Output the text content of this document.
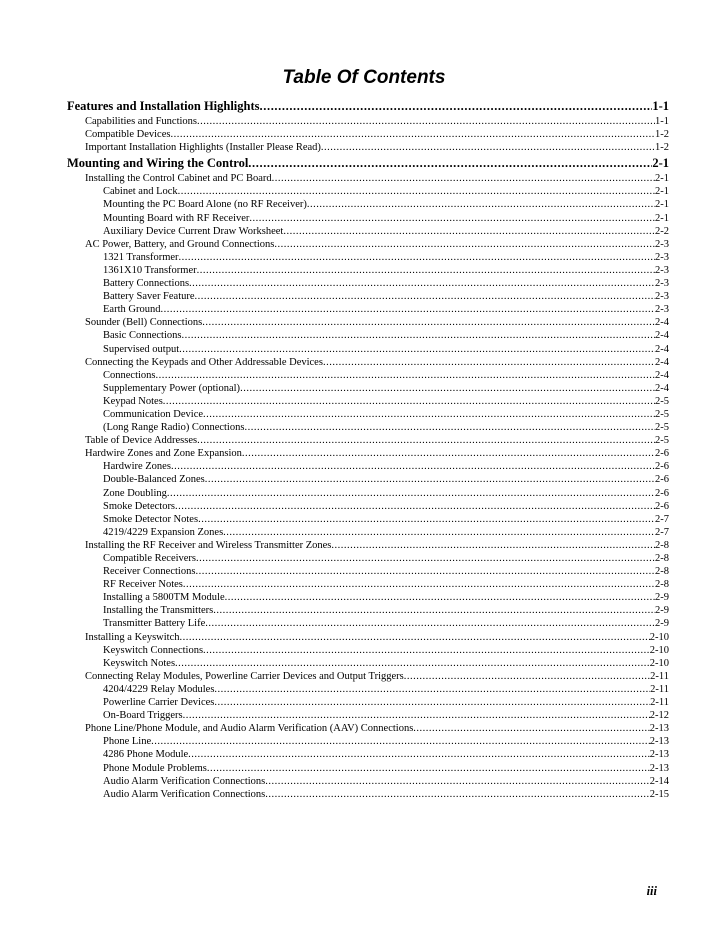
Table Of Contents
Features and Installation Highlights .....	1-1
Capabilities and Functions .....	1-1
Compatible Devices .....	1-2
Important Installation Highlights (Installer Please Read) .....	1-2
Mounting and Wiring the Control .....	2-1
Installing the Control Cabinet and PC Board .....	2-1
Cabinet and Lock .....	2-1
Mounting the PC Board Alone (no RF Receiver) .....	2-1
Mounting Board with RF Receiver .....	2-1
Auxiliary Device Current Draw Worksheet .....	2-2
AC Power, Battery, and Ground Connections .....	2-3
1321 Transformer .....	2-3
1361X10 Transformer .....	2-3
Battery Connections .....	2-3
Battery Saver Feature .....	2-3
Earth Ground .....	2-3
Sounder (Bell) Connections .....	2-4
Basic Connections .....	2-4
Supervised output .....	2-4
Connecting the Keypads and Other Addressable Devices .....	2-4
Connections .....	2-4
Supplementary Power (optional) .....	2-4
Keypad Notes .....	2-5
Communication Device .....	2-5
(Long Range Radio) Connections .....	2-5
Table of Device Addresses .....	2-5
Hardwire Zones and Zone Expansion .....	2-6
Hardwire Zones .....	2-6
Double-Balanced Zones .....	2-6
Zone Doubling .....	2-6
Smoke Detectors .....	2-6
Smoke Detector Notes .....	2-7
4219/4229 Expansion Zones .....	2-7
Installing the RF Receiver and Wireless Transmitter Zones .....	2-8
Compatible Receivers .....	2-8
Receiver Connections .....	2-8
RF Receiver Notes .....	2-8
Installing a 5800TM Module .....	2-9
Installing the Transmitters .....	2-9
Transmitter Battery Life .....	2-9
Installing a Keyswitch .....	2-10
Keyswitch Connections .....	2-10
Keyswitch Notes .....	2-10
Connecting Relay Modules, Powerline Carrier Devices and Output Triggers .....	2-11
4204/4229 Relay Modules .....	2-11
Powerline Carrier Devices .....	2-11
On-Board Triggers .....	2-12
Phone Line/Phone Module, and Audio Alarm Verification (AAV) Connections .....	2-13
Phone Line .....	2-13
4286 Phone Module .....	2-13
Phone Module Problems .....	2-13
Audio Alarm Verification Connections .....	2-14
Audio Alarm Verification Connections .....	2-15
iii
